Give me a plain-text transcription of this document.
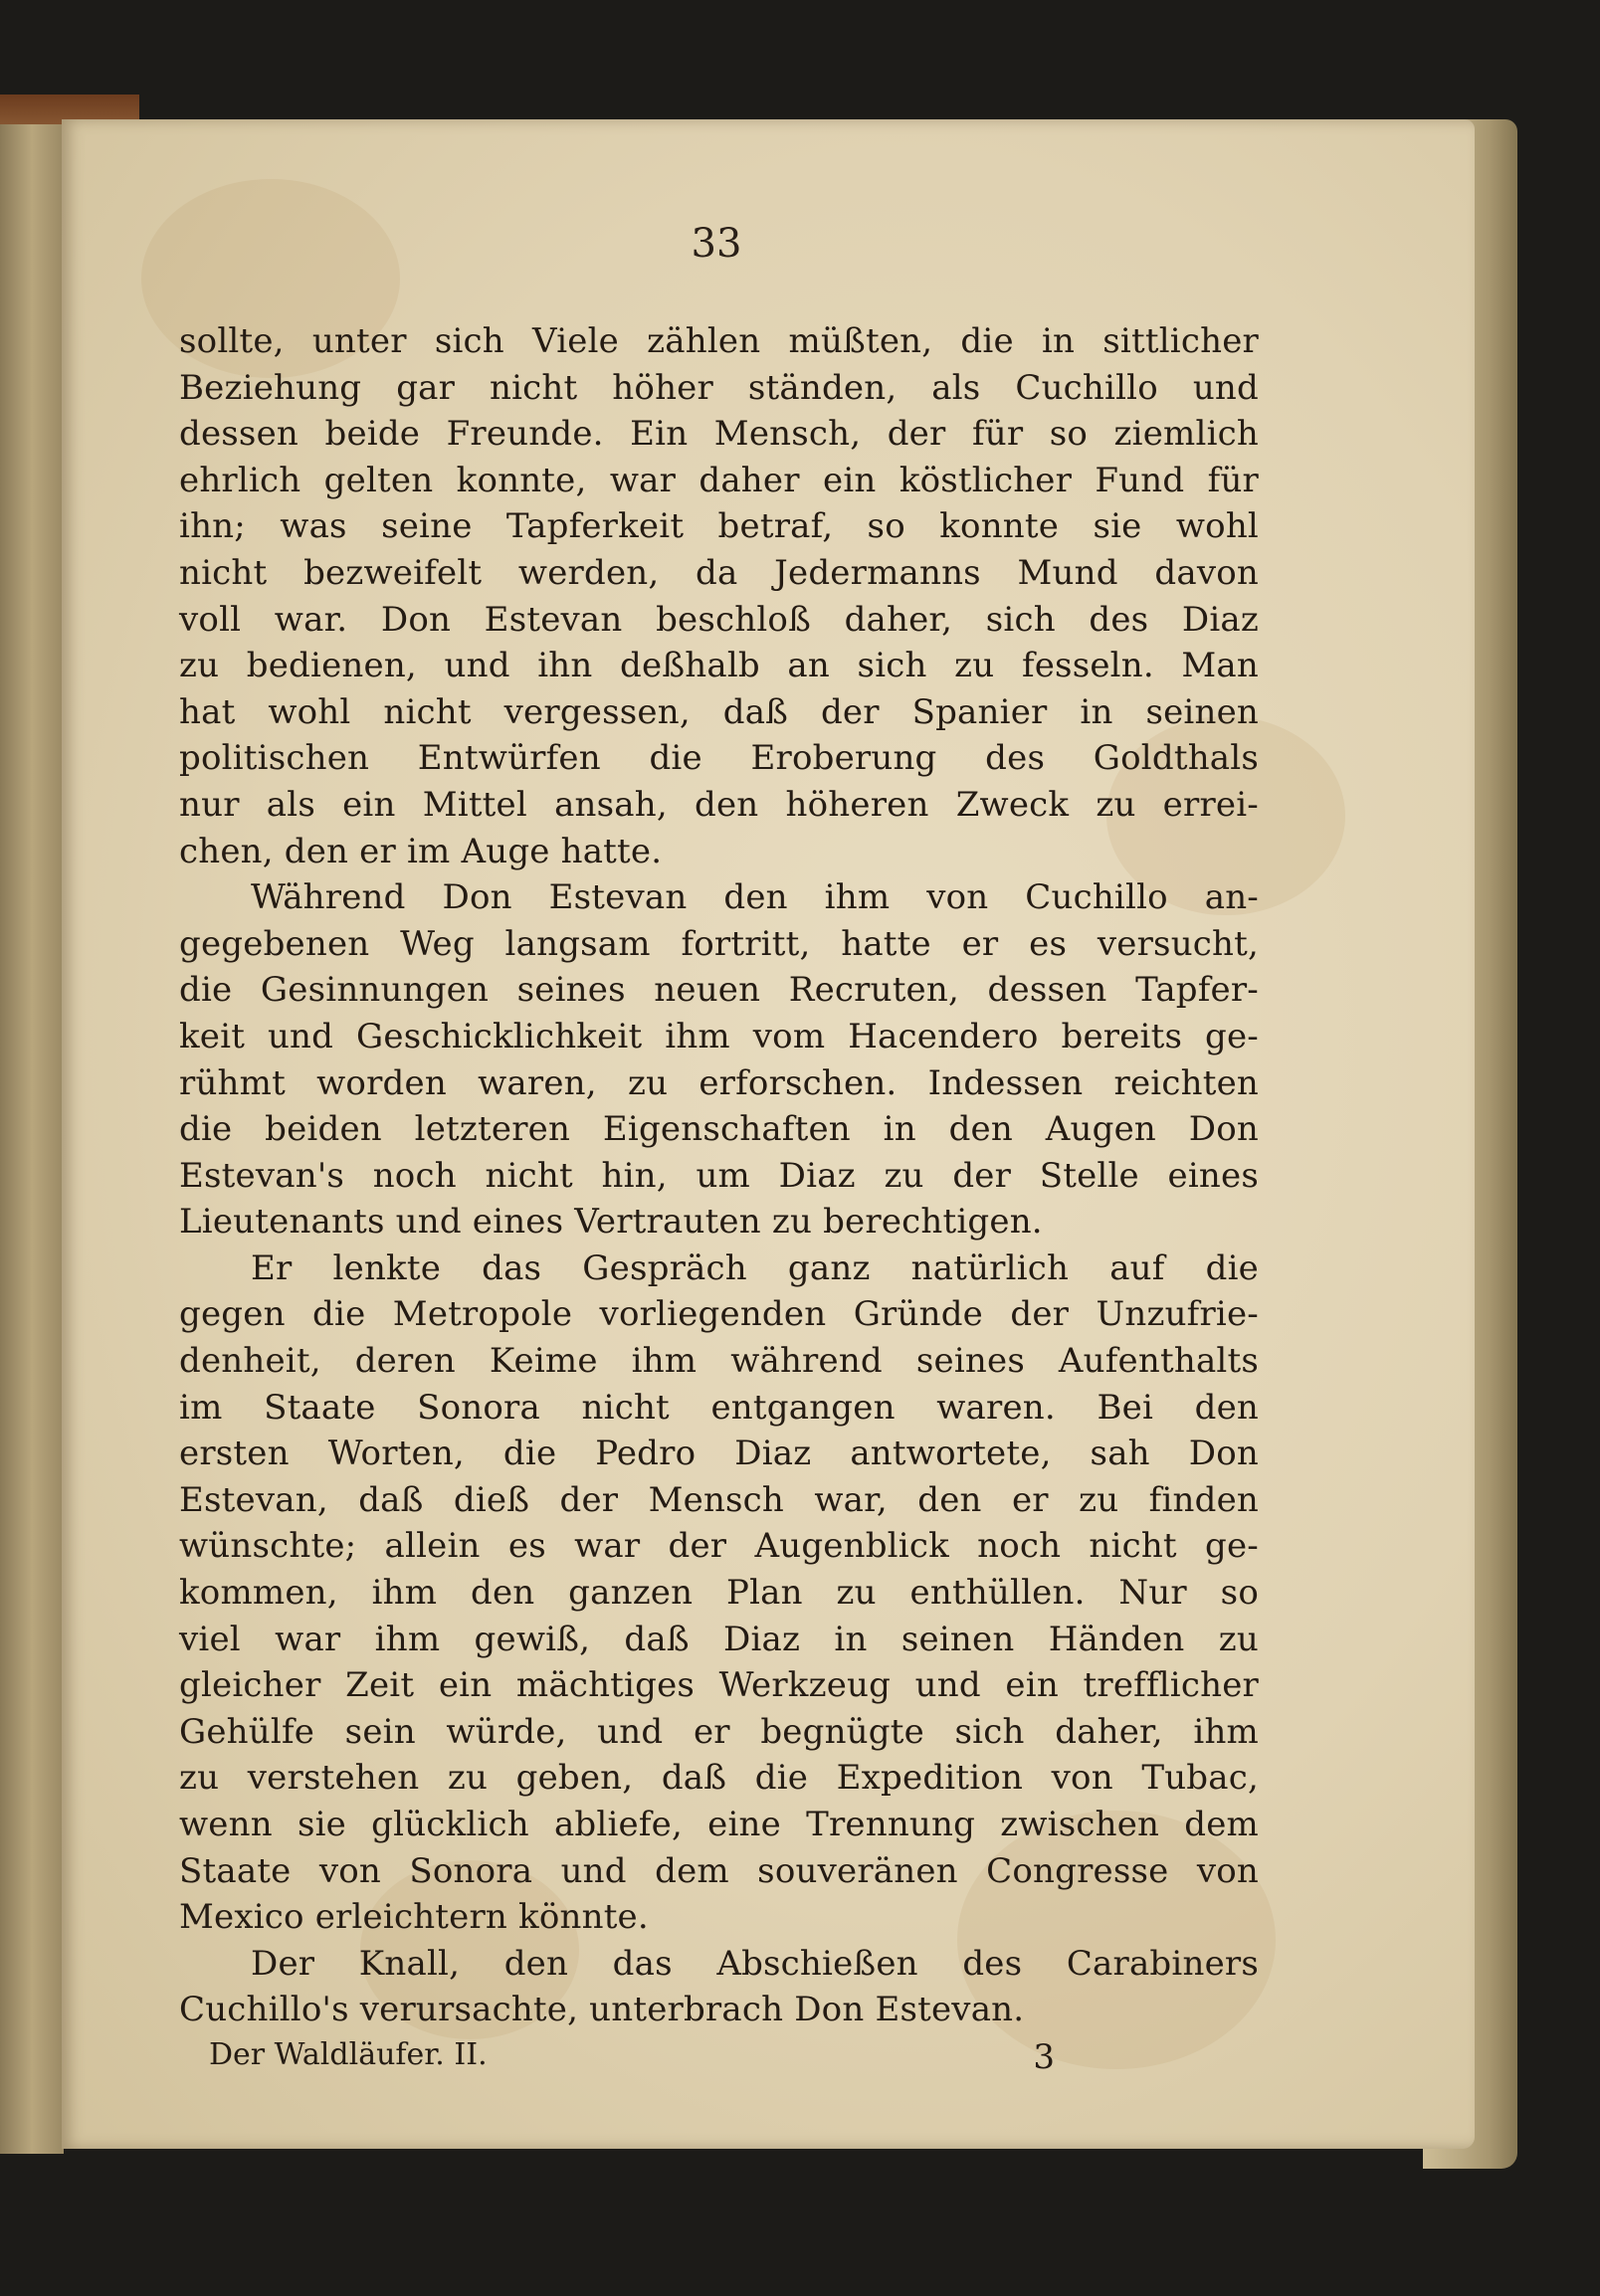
33
sollte, unter sich Viele zählen müßten, die in sittlicher
Beziehung gar nicht höher ständen, als Cuchillo und
dessen beide Freunde. Ein Mensch, der für so ziemlich
ehrlich gelten konnte, war daher ein köstlicher Fund für
ihn; was seine Tapferkeit betraf, so konnte sie wohl
nicht bezweifelt werden, da Jedermanns Mund davon
voll war. Don Estevan beschloß daher, sich des Diaz
zu bedienen, und ihn deßhalb an sich zu fesseln. Man
hat wohl nicht vergessen, daß der Spanier in seinen
politischen Entwürfen die Eroberung des Goldthals
nur als ein Mittel ansah, den höheren Zweck zu errei-
chen, den er im Auge hatte.
Während Don Estevan den ihm von Cuchillo an-
gegebenen Weg langsam fortritt, hatte er es versucht,
die Gesinnungen seines neuen Recruten, dessen Tapfer-
keit und Geschicklichkeit ihm vom Hacendero bereits ge-
rühmt worden waren, zu erforschen. Indessen reichten
die beiden letzteren Eigenschaften in den Augen Don
Estevan's noch nicht hin, um Diaz zu der Stelle eines
Lieutenants und eines Vertrauten zu berechtigen.
Er lenkte das Gespräch ganz natürlich auf die
gegen die Metropole vorliegenden Gründe der Unzufrie-
denheit, deren Keime ihm während seines Aufenthalts
im Staate Sonora nicht entgangen waren. Bei den
ersten Worten, die Pedro Diaz antwortete, sah Don
Estevan, daß dieß der Mensch war, den er zu finden
wünschte; allein es war der Augenblick noch nicht ge-
kommen, ihm den ganzen Plan zu enthüllen. Nur so
viel war ihm gewiß, daß Diaz in seinen Händen zu
gleicher Zeit ein mächtiges Werkzeug und ein trefflicher
Gehülfe sein würde, und er begnügte sich daher, ihm
zu verstehen zu geben, daß die Expedition von Tubac,
wenn sie glücklich abliefe, eine Trennung zwischen dem
Staate von Sonora und dem souveränen Congresse von
Mexico erleichtern könnte.
Der Knall, den das Abschießen des Carabiners
Cuchillo's verursachte, unterbrach Don Estevan.
Der Waldläufer. II.	3
